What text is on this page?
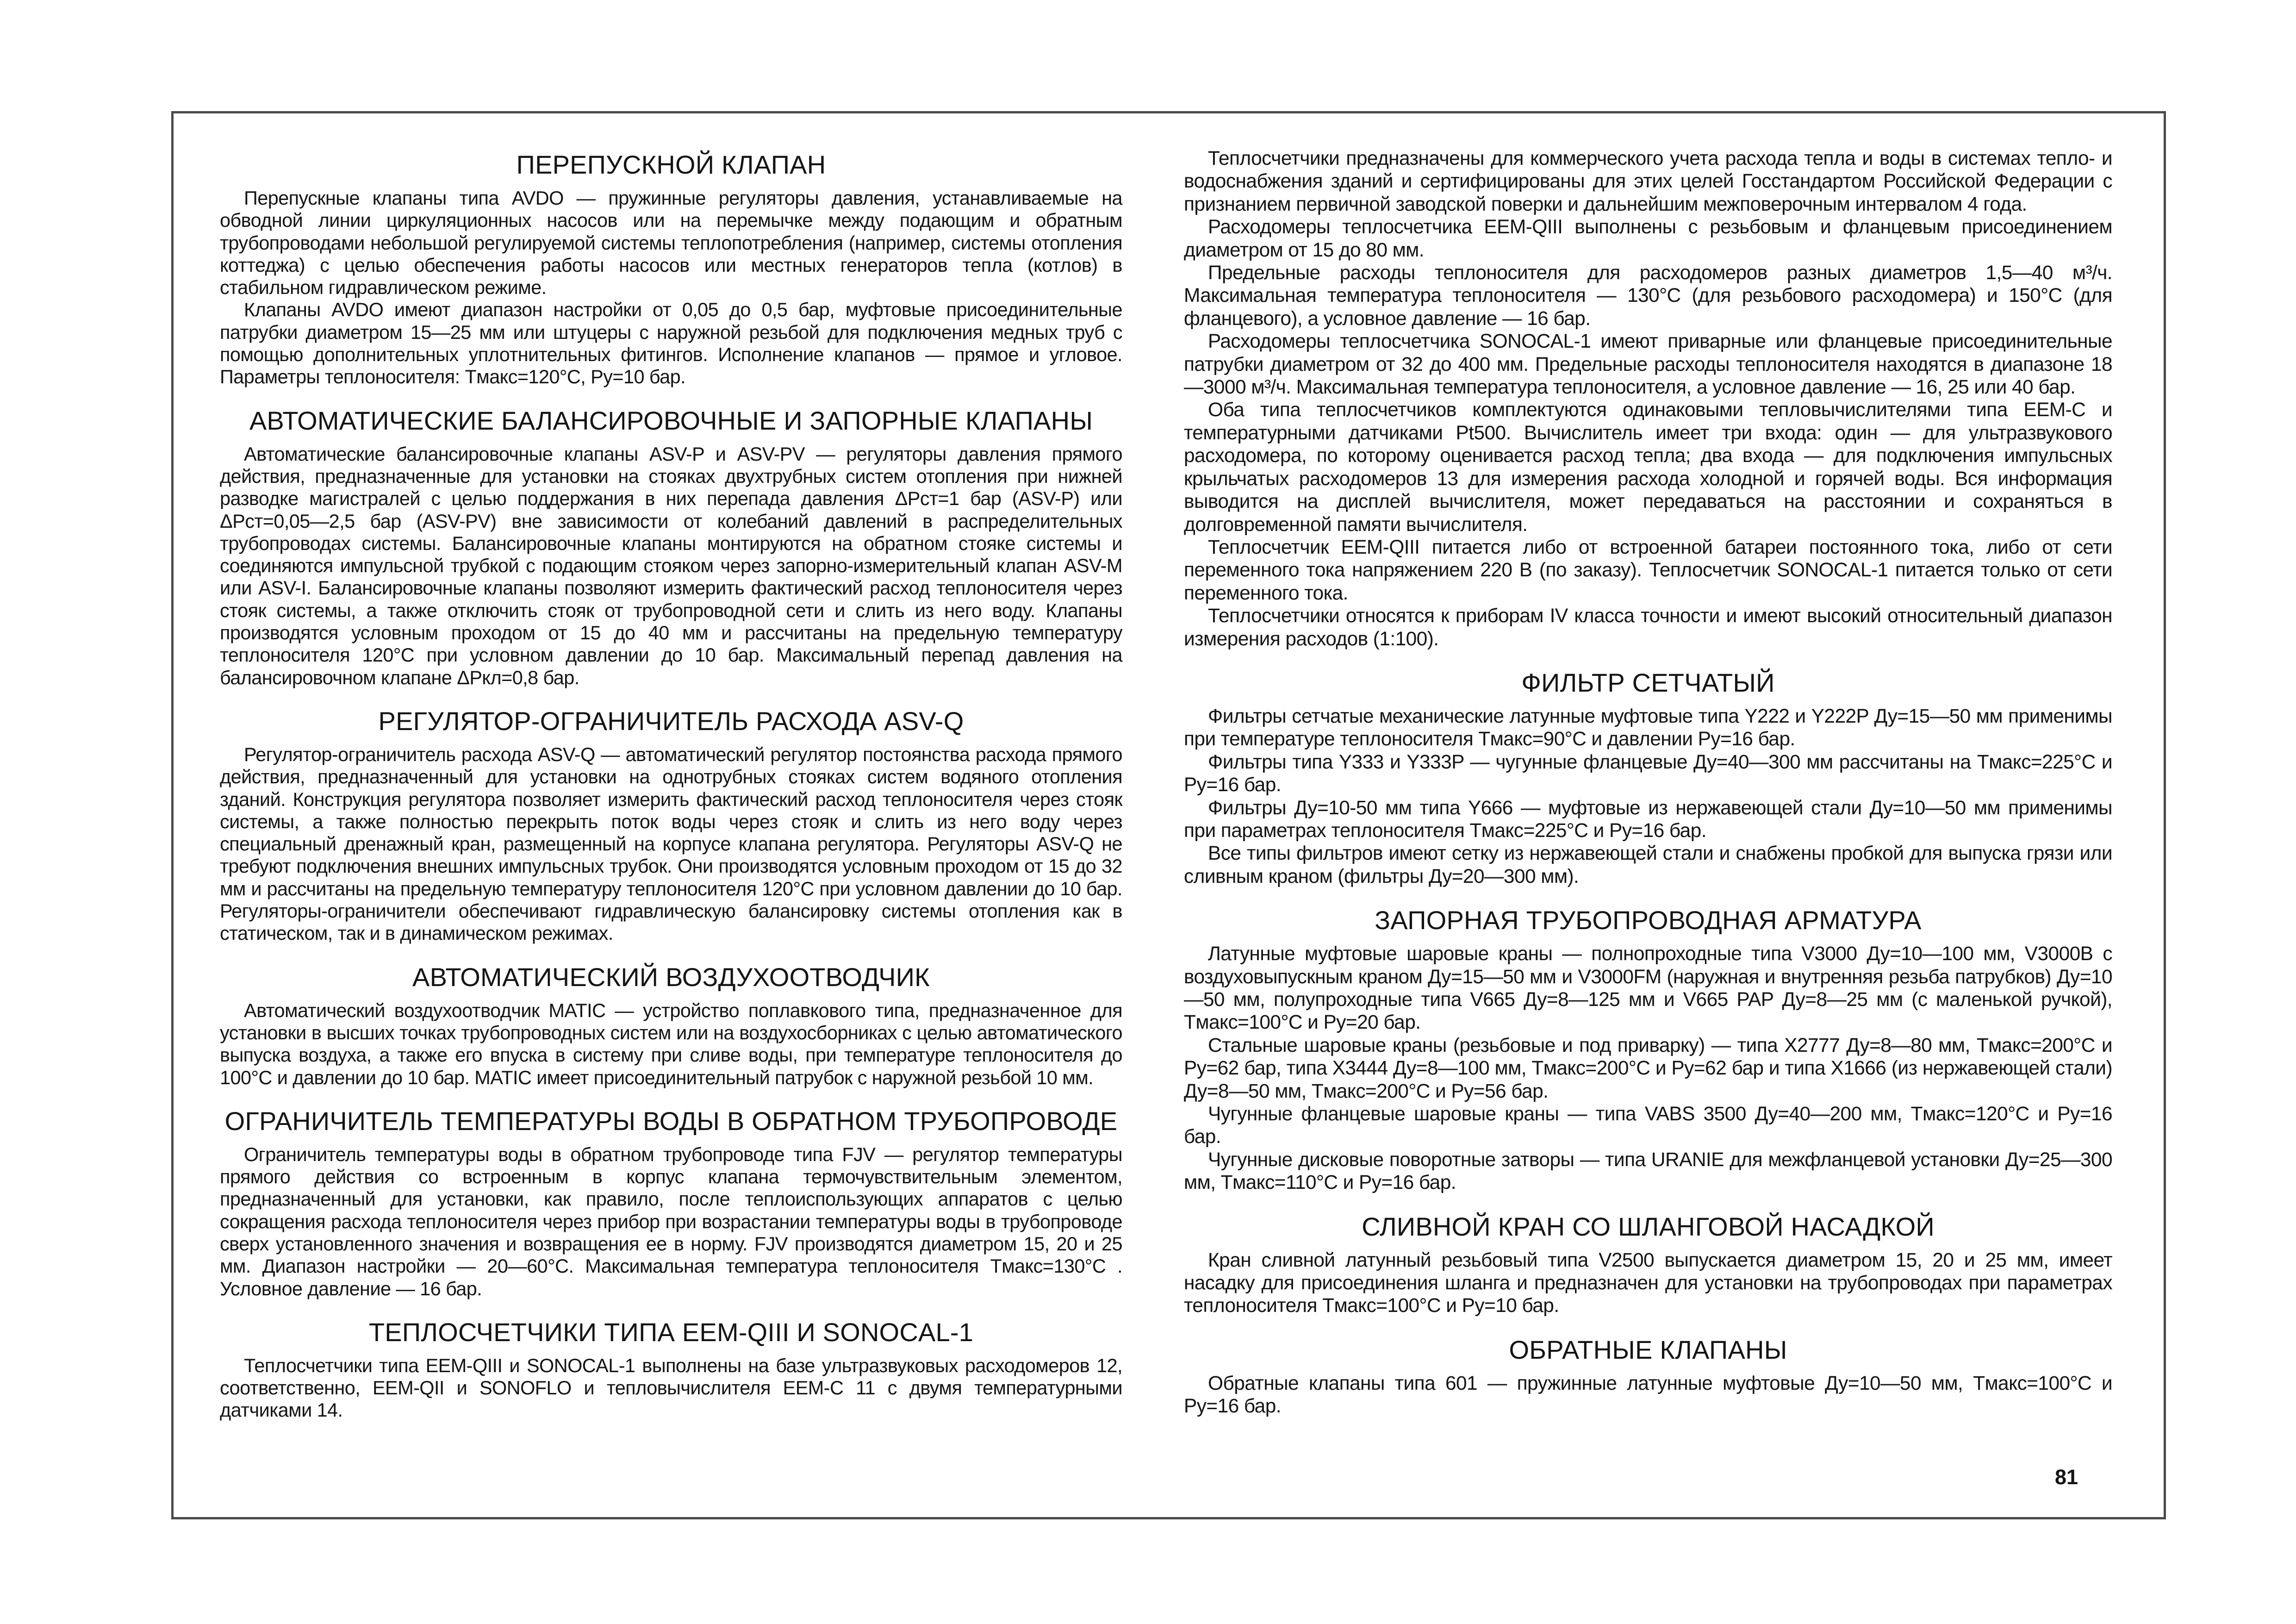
ПЕРЕПУСКНОЙ КЛАПАН

Перепускные клапаны типа AVDO — пружинные регуляторы давления, устанавливаемые на обводной линии циркуляционных насосов или на перемычке между подающим и обратным трубопроводами небольшой регулируемой системы теплопотребления (например, системы отопления коттеджа) с целью обеспечения работы насосов или местных генераторов тепла (котлов) в стабильном гидравлическом режиме.

Клапаны AVDO имеют диапазон настройки от 0,05 до 0,5 бар, муфтовые присоединительные патрубки диаметром 15—25 мм или штуцеры с наружной резьбой для подключения медных труб с помощью дополнительных уплотнительных фитингов. Исполнение клапанов — прямое и угловое. Параметры теплоносителя: Tмакс=120°С, Py=10 бар.

АВТОМАТИЧЕСКИЕ БАЛАНСИРОВОЧНЫЕ И ЗАПОРНЫЕ КЛАПАНЫ

Автоматические балансировочные клапаны ASV-P и ASV-PV — регуляторы давления прямого действия, предназначенные для установки на стояках двухтрубных систем отопления при нижней разводке магистралей с целью поддержания в них перепада давления ΔPст=1 бар (ASV-P) или ΔPст=0,05—2,5 бар (ASV-PV) вне зависимости от колебаний давлений в распределительных трубопроводах системы. Балансировочные клапаны монтируются на обратном стояке системы и соединяются импульсной трубкой с подающим стояком через запорно-измерительный клапан ASV-M или ASV-I. Балансировочные клапаны позволяют измерить фактический расход теплоносителя через стояк системы, а также отключить стояк от трубопроводной сети и слить из него воду. Клапаны производятся условным проходом от 15 до 40 мм и рассчитаны на предельную температуру теплоносителя 120°С при условном давлении до 10 бар. Максимальный перепад давления на балансировочном клапане ΔPкл=0,8 бар.

РЕГУЛЯТОР-ОГРАНИЧИТЕЛЬ РАСХОДА ASV-Q

Регулятор-ограничитель расхода ASV-Q — автоматический регулятор постоянства расхода прямого действия, предназначенный для установки на однотрубных стояках систем водяного отопления зданий. Конструкция регулятора позволяет измерить фактический расход теплоносителя через стояк системы, а также полностью перекрыть поток воды через стояк и слить из него воду через специальный дренажный кран, размещенный на корпусе клапана регулятора. Регуляторы ASV-Q не требуют подключения внешних импульсных трубок. Они производятся условным проходом от 15 до 32 мм и рассчитаны на предельную температуру теплоносителя 120°С при условном давлении до 10 бар. Регуляторы-ограничители обеспечивают гидравлическую балансировку системы отопления как в статическом, так и в динамическом режимах.

АВТОМАТИЧЕСКИЙ ВОЗДУХООТВОДЧИК

Автоматический воздухоотводчик MATIC — устройство поплавкового типа, предназначенное для установки в высших точках трубопроводных систем или на воздухосборниках с целью автоматического выпуска воздуха, а также его впуска в систему при сливе воды, при температуре теплоносителя до 100°С и давлении до 10 бар. MATIC имеет присоединительный патрубок с наружной резьбой 10 мм.

ОГРАНИЧИТЕЛЬ ТЕМПЕРАТУРЫ ВОДЫ В ОБРАТНОМ ТРУБОПРОВОДЕ

Ограничитель температуры воды в обратном трубопроводе типа FJV — регулятор температуры прямого действия со встроенным в корпус клапана термочувствительным элементом, предназначенный для установки, как правило, после теплоиспользующих аппаратов с целью сокращения расхода теплоносителя через прибор при возрастании температуры воды в трубопроводе сверх установленного значения и возвращения ее в норму. FJV производятся диаметром 15, 20 и 25 мм. Диапазон настройки — 20—60°С. Максимальная температура теплоносителя Tмакс=130°С . Условное давление — 16 бар.

ТЕПЛОСЧЕТЧИКИ ТИПА ЕЕМ-QIII И SONOCAL-1

Теплосчетчики типа ЕЕМ-QIII и SONOCAL-1 выполнены на базе ультразвуковых расходомеров 12, соответственно, ЕЕМ-QII и SONOFLO и тепловычислителя ЕЕМ-С 11 с двумя температурными датчиками 14.

Теплосчетчики предназначены для коммерческого учета расхода тепла и воды в системах тепло- и водоснабжения зданий и сертифицированы для этих целей Госстандартом Российской Федерации с признанием первичной заводской поверки и дальнейшим межповерочным интервалом 4 года.

Расходомеры теплосчетчика ЕЕМ-QIII выполнены с резьбовым и фланцевым присоединением диаметром от 15 до 80 мм.

Предельные расходы теплоносителя для расходомеров разных диаметров 1,5—40 м³/ч. Максимальная температура теплоносителя — 130°С (для резьбового расходомера) и 150°С (для фланцевого), а условное давление — 16 бар.

Расходомеры теплосчетчика SONOCAL-1 имеют приварные или фланцевые присоединительные патрубки диаметром от 32 до 400 мм. Предельные расходы теплоносителя находятся в диапазоне 18—3000 м³/ч. Максимальная температура теплоносителя, а условное давление — 16, 25 или 40 бар.

Оба типа теплосчетчиков комплектуются одинаковыми тепловычислителями типа ЕЕМ-С и температурными датчиками Pt500. Вычислитель имеет три входа: один — для ультразвукового расходомера, по которому оценивается расход тепла; два входа — для подключения импульсных крыльчатых расходомеров 13 для измерения расхода холодной и горячей воды. Вся информация выводится на дисплей вычислителя, может передаваться на расстоянии и сохраняться в долговременной памяти вычислителя.

Теплосчетчик ЕЕМ-QIII питается либо от встроенной батареи постоянного тока, либо от сети переменного тока напряжением 220 В (по заказу). Теплосчетчик SONOCAL-1 питается только от сети переменного тока.

Теплосчетчики относятся к приборам IV класса точности и имеют высокий относительный диапазон измерения расходов (1:100).

ФИЛЬТР СЕТЧАТЫЙ

Фильтры сетчатые механические латунные муфтовые типа Y222 и Y222P Ду=15—50 мм применимы при температуре теплоносителя Tмакс=90°С и давлении Py=16 бар.

Фильтры типа Y333 и Y333P — чугунные фланцевые Ду=40—300 мм рассчитаны на Tмакс=225°С и Py=16 бар.

Фильтры Ду=10-50 мм типа Y666 — муфтовые из нержавеющей стали Ду=10—50 мм применимы при параметрах теплоносителя Tмакс=225°С и Py=16 бар.

Все типы фильтров имеют сетку из нержавеющей стали и снабжены пробкой для выпуска грязи или сливным краном (фильтры Ду=20—300 мм).

ЗАПОРНАЯ ТРУБОПРОВОДНАЯ АРМАТУРА

Латунные муфтовые шаровые краны — полнопроходные типа V3000 Ду=10—100 мм, V3000B с воздуховыпускным краном Ду=15—50 мм и V3000FM (наружная и внутренняя резьба патрубков) Ду=10—50 мм, полупроходные типа V665 Ду=8—125 мм и V665 PAP Ду=8—25 мм (с маленькой ручкой), Tмакс=100°С и Py=20 бар.

Стальные шаровые краны (резьбовые и под приварку) — типа X2777 Ду=8—80 мм, Tмакс=200°С и Py=62 бар, типа X3444 Ду=8—100 мм, Tмакс=200°С и Py=62 бар и типа X1666 (из нержавеющей стали) Ду=8—50 мм, Tмакс=200°С и Py=56 бар.

Чугунные фланцевые шаровые краны — типа VABS 3500 Ду=40—200 мм, Tмакс=120°С и Py=16 бар.

Чугунные дисковые поворотные затворы — типа URANIE для межфланцевой установки Ду=25—300 мм, Tмакс=110°С и Py=16 бар.

СЛИВНОЙ КРАН СО ШЛАНГОВОЙ НАСАДКОЙ

Кран сливной латунный резьбовый типа V2500 выпускается диаметром 15, 20 и 25 мм, имеет насадку для присоединения шланга и предназначен для установки на трубопроводах при параметрах теплоносителя Tмакс=100°С и Py=10 бар.

ОБРАТНЫЕ КЛАПАНЫ

Обратные клапаны типа 601 — пружинные латунные муфтовые Ду=10—50 мм, Tмакс=100°С и Py=16 бар.

81
